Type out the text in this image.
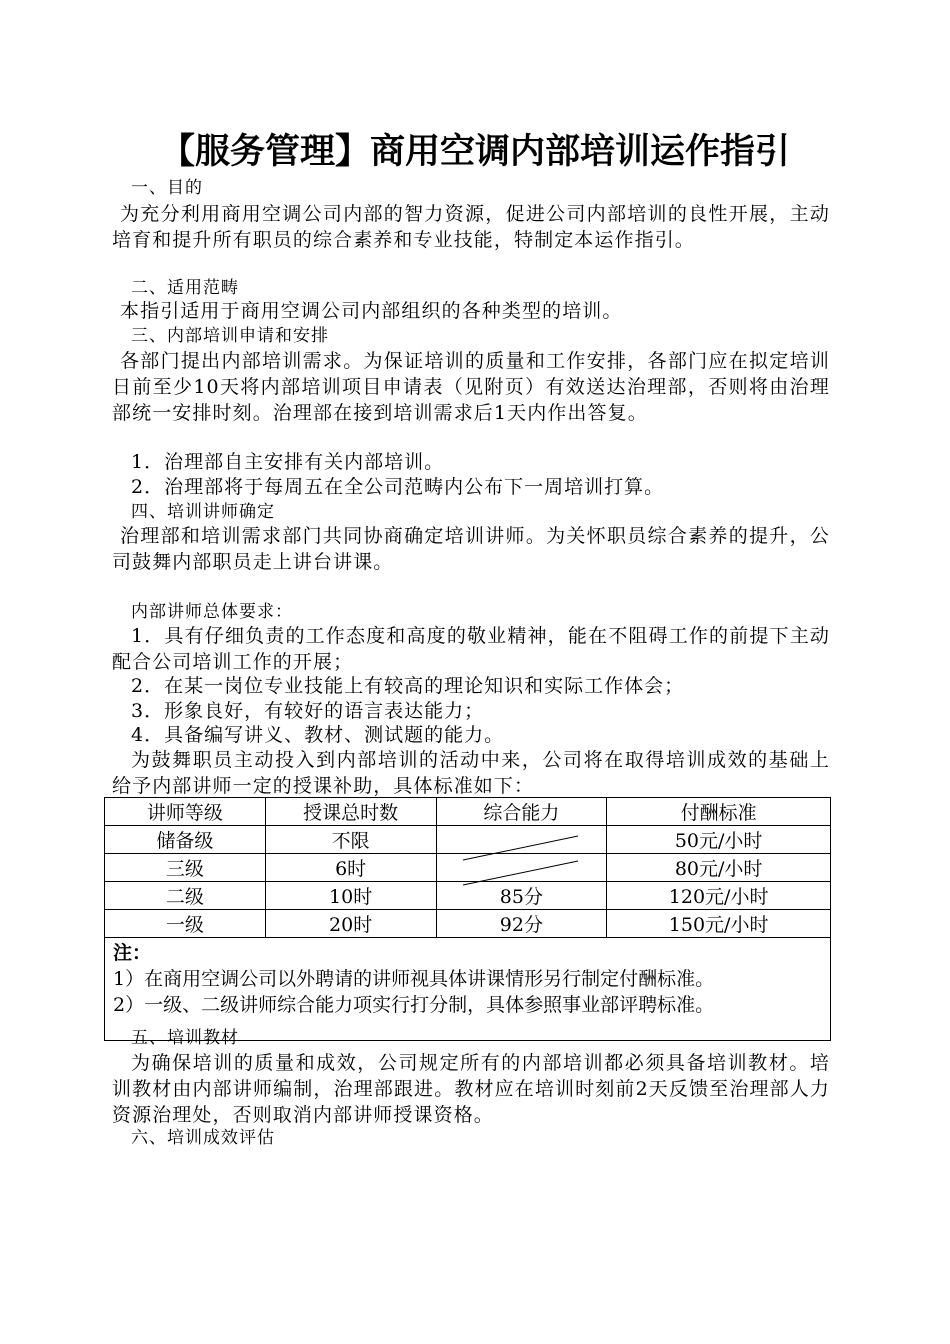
【服务管理】商用空调内部培训运作指引
一、目的
为充分利用商用空调公司内部的智力资源，促进公司内部培训的良性开展，主动培育和提升所有职员的综合素养和专业技能，特制定本运作指引。
二、适用范畴
本指引适用于商用空调公司内部组织的各种类型的培训。
三、内部培训申请和安排
各部门提出内部培训需求。为保证培训的质量和工作安排，各部门应在拟定培训日前至少10天将内部培训项目申请表（见附页）有效送达治理部，否则将由治理部统一安排时刻。治理部在接到培训需求后1天内作出答复。
1．治理部自主安排有关内部培训。
2．治理部将于每周五在全公司范畴内公布下一周培训打算。
四、培训讲师确定
治理部和培训需求部门共同协商确定培训讲师。为关怀职员综合素养的提升，公司鼓舞内部职员走上讲台讲课。
内部讲师总体要求：
1．具有仔细负责的工作态度和高度的敬业精神，能在不阻碍工作的前提下主动配合公司培训工作的开展；
2．在某一岗位专业技能上有较高的理论知识和实际工作体会；
3．形象良好，有较好的语言表达能力；
4．具备编写讲义、教材、测试题的能力。
为鼓舞职员主动投入到内部培训的活动中来，公司将在取得培训成效的基础上给予内部讲师一定的授课补助，具体标准如下：
讲师等级	授课总时数	综合能力	付酬标准
储备级	不限		50元/小时
三级	6时		80元/小时
二级	10时	85分	120元/小时
一级	20时	92分	150元/小时

注：
1）在商用空调公司以外聘请的讲师视具体讲课情形另行制定付酬标准。
2）一级、二级讲师综合能力项实行打分制，具体参照事业部评聘标准。			
五、培训教材
为确保培训的质量和成效，公司规定所有的内部培训都必须具备培训教材。培训教材由内部讲师编制，治理部跟进。教材应在培训时刻前2天反馈至治理部人力资源治理处，否则取消内部讲师授课资格。
六、培训成效评估
